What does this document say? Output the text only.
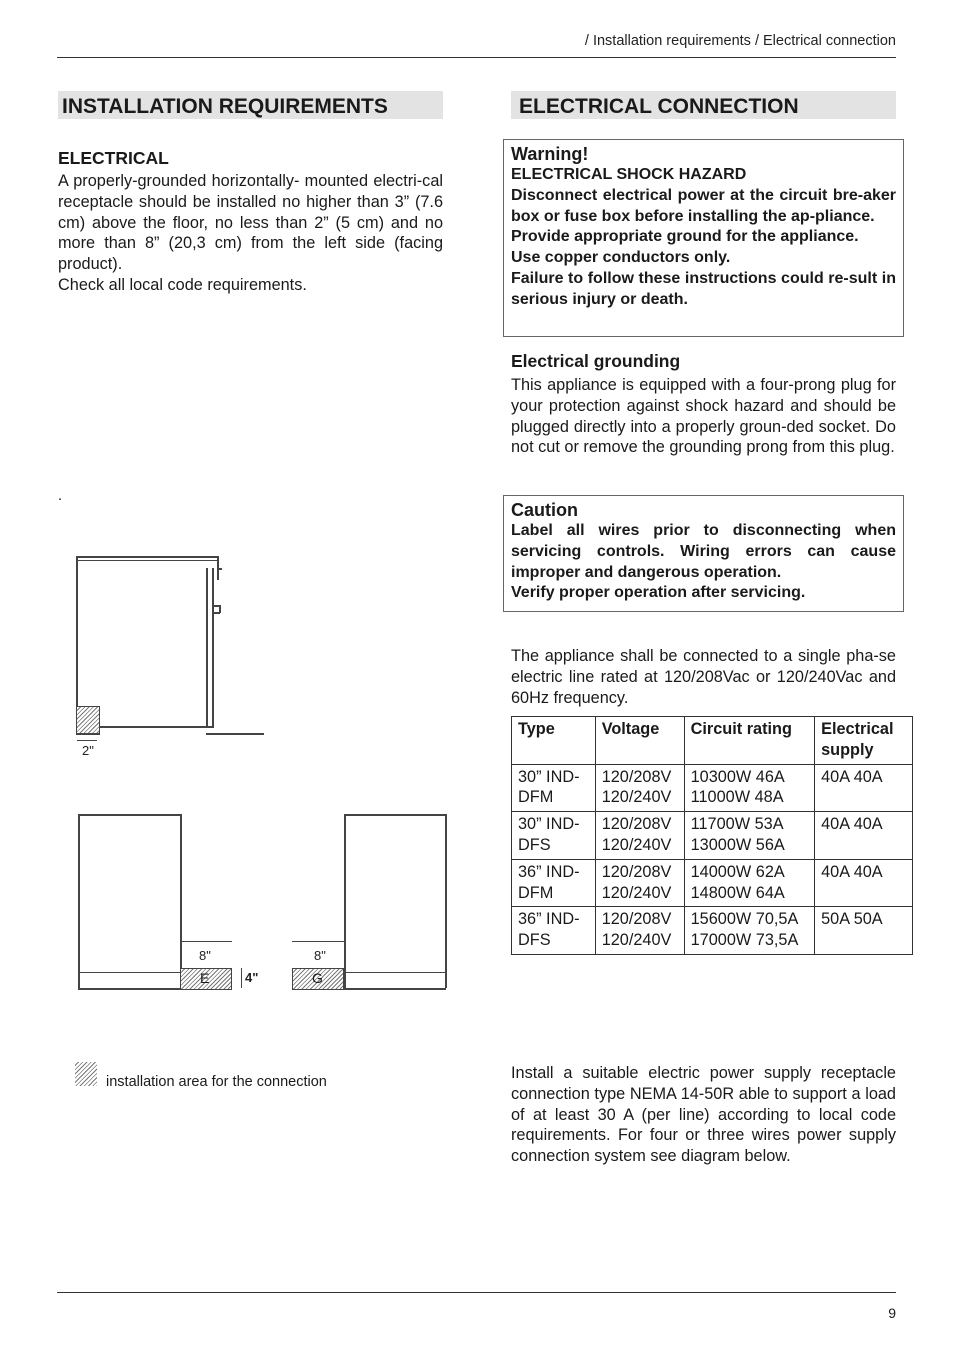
/ Installation requirements / Electrical connection
INSTALLATION REQUIREMENTS
ELECTRICAL

A properly-grounded horizontally- mounted electri-cal receptacle should be installed no higher than 3” (7.6 cm) above the floor, no less than 2” (5 cm) and no more than 8” (20,3 cm) from the left side (facing product).

Check all local code requirements.

.
2"
E	G
8"	8"
4"
installation area for the connection
ELECTRICAL CONNECTION
Warning!
ELECTRICAL SHOCK HAZARD
Disconnect electrical power at the circuit bre-aker box or fuse box before installing the ap-pliance.
Provide appropriate ground for the appliance.
Use copper conductors only.
Failure to follow these instructions could re-sult in serious injury or death.
Electrical grounding
This appliance is equipped with a four-prong plug for your protection against shock hazard and should be plugged directly into a properly groun-ded socket. Do not cut or remove the grounding prong from this plug.
Caution
Label all wires prior to disconnecting when servicing controls. Wiring errors can cause improper and dangerous operation.
Verify proper operation after servicing.
The appliance shall be connected to a single pha-se electric line rated at 120/208Vac or 120/240Vac and 60Hz frequency.
Type	Voltage	Circuit rating	Electrical supply
30” IND-DFM	120/208V 120/240V	10300W 46A 11000W 48A	40A 40A
30” IND-DFS	120/208V 120/240V	11700W 53A 13000W 56A	40A 40A
36” IND-DFM	120/208V 120/240V	14000W 62A 14800W 64A	40A 40A
36” IND-DFS	120/208V 120/240V	15600W 70,5A 17000W 73,5A	50A 50A
Install a suitable electric power supply receptacle connection type NEMA 14-50R able to support a load of at least 30 A (per line) according to local code requirements. For four or three wires power supply connection system see diagram below.
9
